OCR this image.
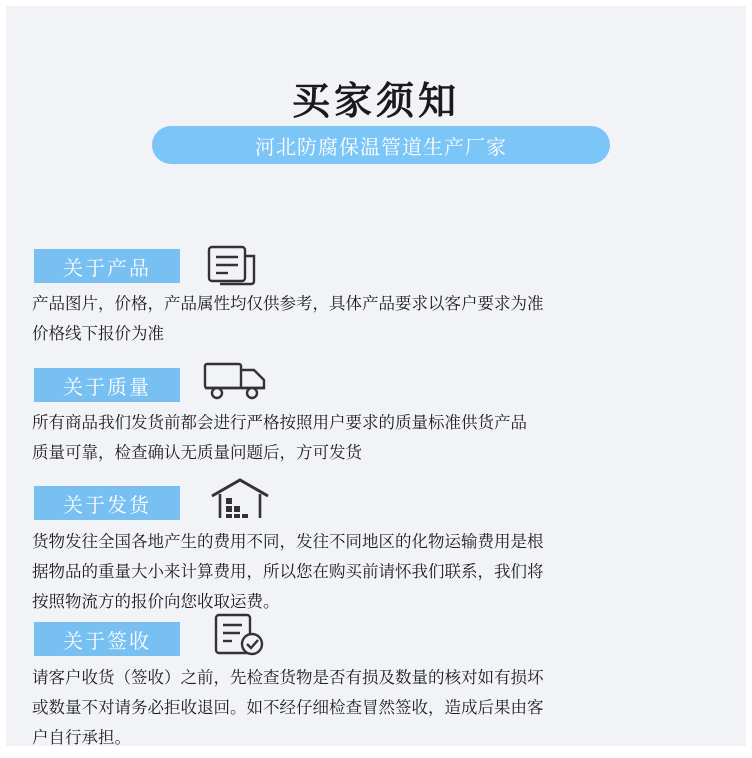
买家须知
河北防腐保温管道生产厂家
关于产品
产品图片，价格，产品属性均仅供参考，具体产品要求以客户要求为准
价格线下报价为准
关于质量
所有商品我们发货前都会进行严格按照用户要求的质量标准供货产品
质量可靠，检查确认无质量问题后，方可发货
关于发货
货物发往全国各地产生的费用不同，发往不同地区的化物运输费用是根
据物品的重量大小来计算费用，所以您在购买前请怀我们联系，我们将
按照物流方的报价向您收取运费。
关于签收
请客户收货（签收）之前，先检查货物是否有损及数量的核对如有损坏
或数量不对请务必拒收退回。如不经仔细检查冒然签收，造成后果由客
户自行承担。
